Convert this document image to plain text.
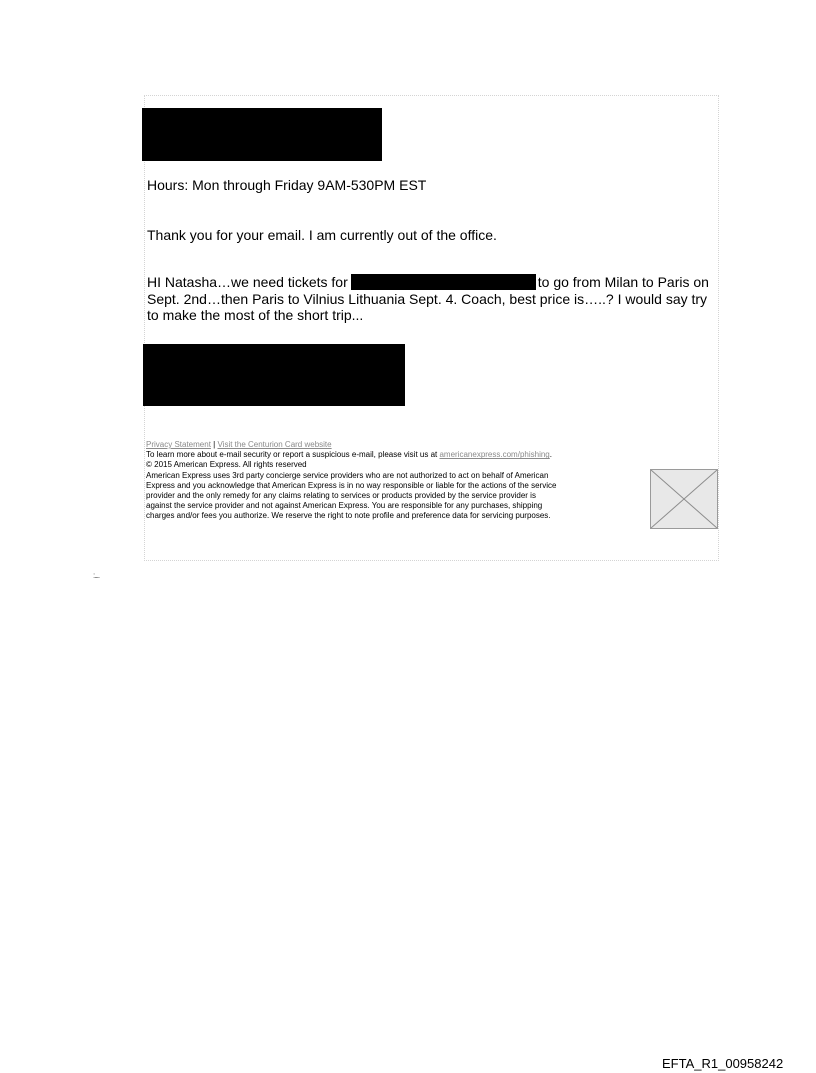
Hours: Mon through Friday 9AM-530PM EST
Thank you for your email. I am currently out of the office.
HI Natasha…we need tickets for	to go from Milan to Paris on
Sept. 2nd…then Paris to Vilnius Lithuania Sept. 4. Coach, best price is…..? I would say try
to make the most of the short trip...
Privacy Statement | Visit the Centurion Card website
To learn more about e-mail security or report a suspicious e-mail, please visit us at americanexpress.com/phishing.
© 2015 American Express. All rights reserved
American Express uses 3rd party concierge service providers who are not authorized to act on behalf of American
Express and you acknowledge that American Express is in no way responsible or liable for the actions of the service
provider and the only remedy for any claims relating to services or products provided by the service provider is
against the service provider and not against American Express. You are responsible for any purchases, shipping
charges and/or fees you authorize. We reserve the right to note profile and preference data for servicing purposes.
:....
EFTA_R1_00958242
